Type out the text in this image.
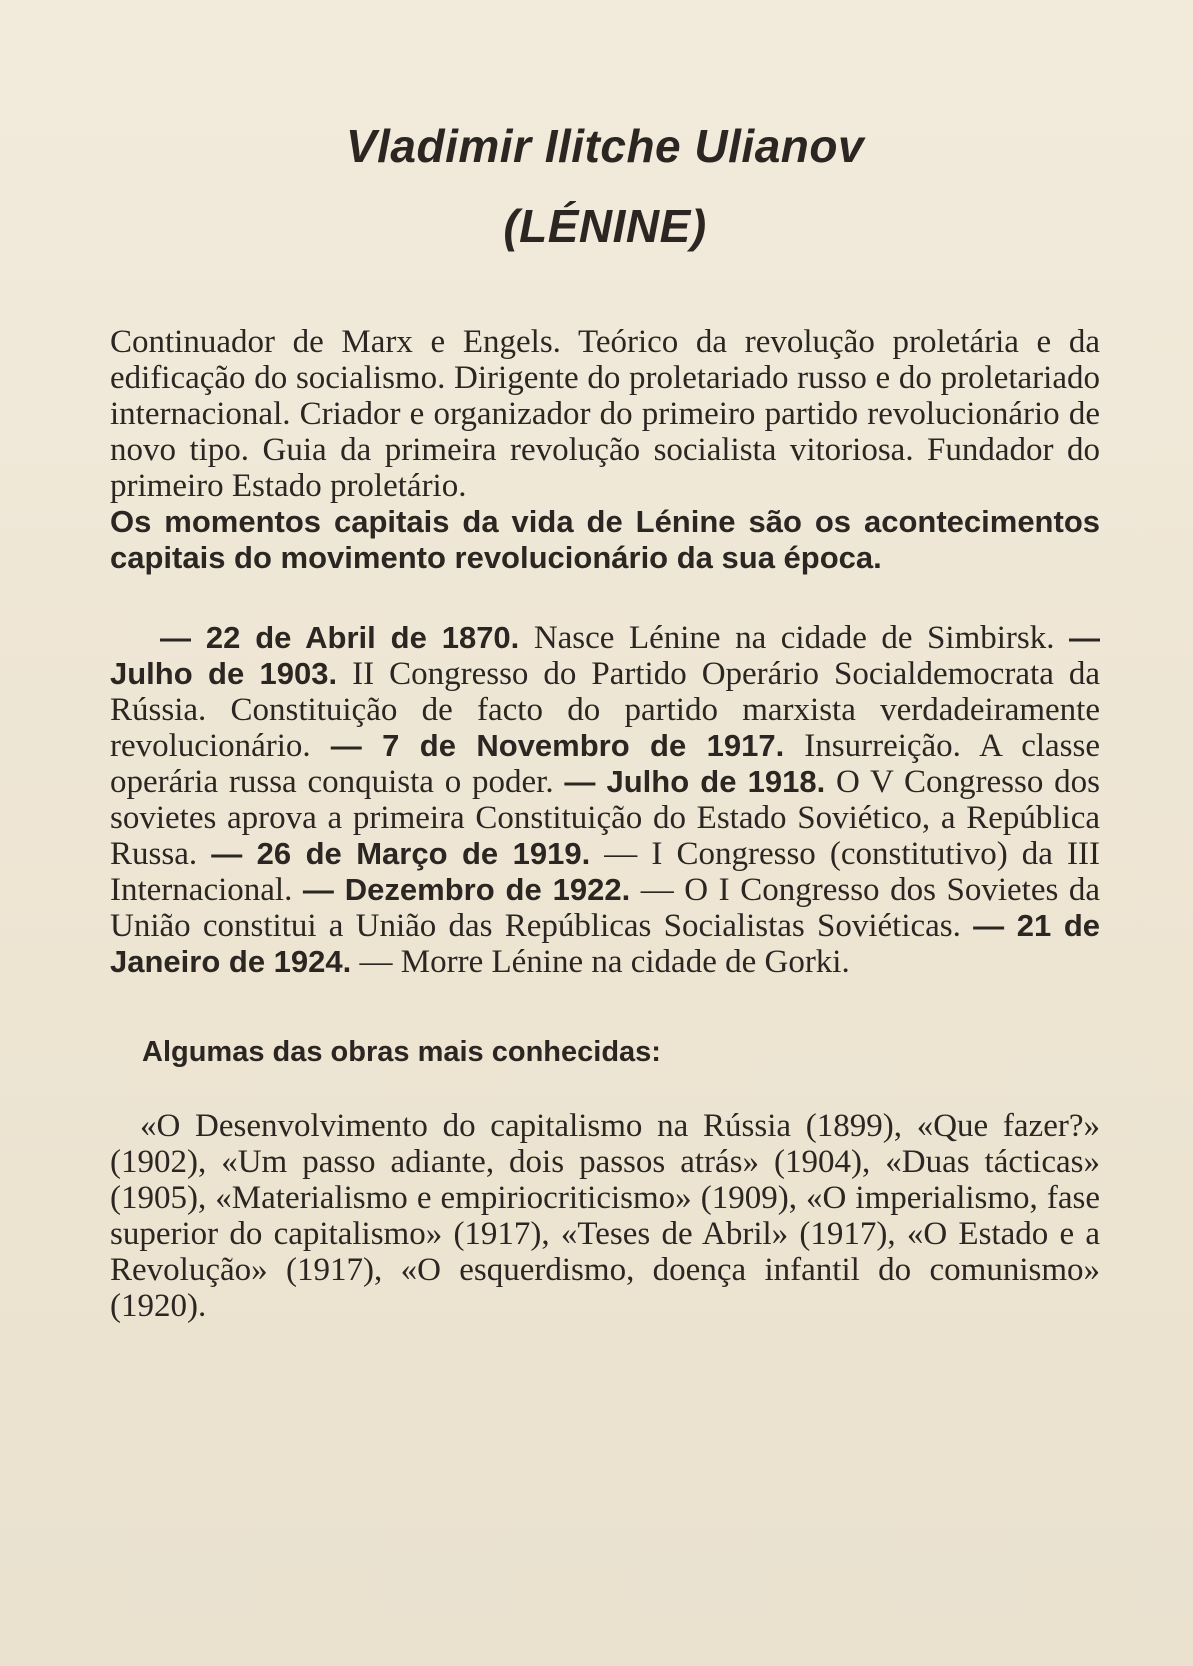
Vladimir Ilitche Ulianov
(LÉNINE)

Continuador de Marx e Engels. Teórico da revolução proletária e da edificação do socialismo. Dirigente do proletariado russo e do proletariado internacional. Criador e organizador do primeiro partido revolucionário de novo tipo. Guia da primeira revolução socialista vitoriosa. Fundador do primeiro Estado proletário.

Os momentos capitais da vida de Lénine são os acontecimentos capitais do movimento revolucionário da sua época.

— 22 de Abril de 1870. Nasce Lénine na cidade de Simbirsk. — Julho de 1903. II Congresso do Partido Operário Socialdemocrata da Rússia. Constituição de facto do partido marxista verdadeiramente revolucionário. — 7 de Novembro de 1917. Insurreição. A classe operária russa conquista o poder. — Julho de 1918. O V Congresso dos sovietes aprova a primeira Constituição do Estado Soviético, a República Russa. — 26 de Março de 1919. — I Congresso (constitutivo) da III Internacional. — Dezembro de 1922. — O I Congresso dos Sovietes da União constitui a União das Repúblicas Socialistas Soviéticas. — 21 de Janeiro de 1924. — Morre Lénine na cidade de Gorki.

Algumas das obras mais conhecidas:

«O Desenvolvimento do capitalismo na Rússia (1899), «Que fazer?» (1902), «Um passo adiante, dois passos atrás» (1904), «Duas tácticas» (1905), «Materialismo e empiriocriticismo» (1909), «O imperialismo, fase superior do capitalismo» (1917), «Teses de Abril» (1917), «O Estado e a Revolução» (1917), «O esquerdismo, doença infantil do comunismo» (1920).
